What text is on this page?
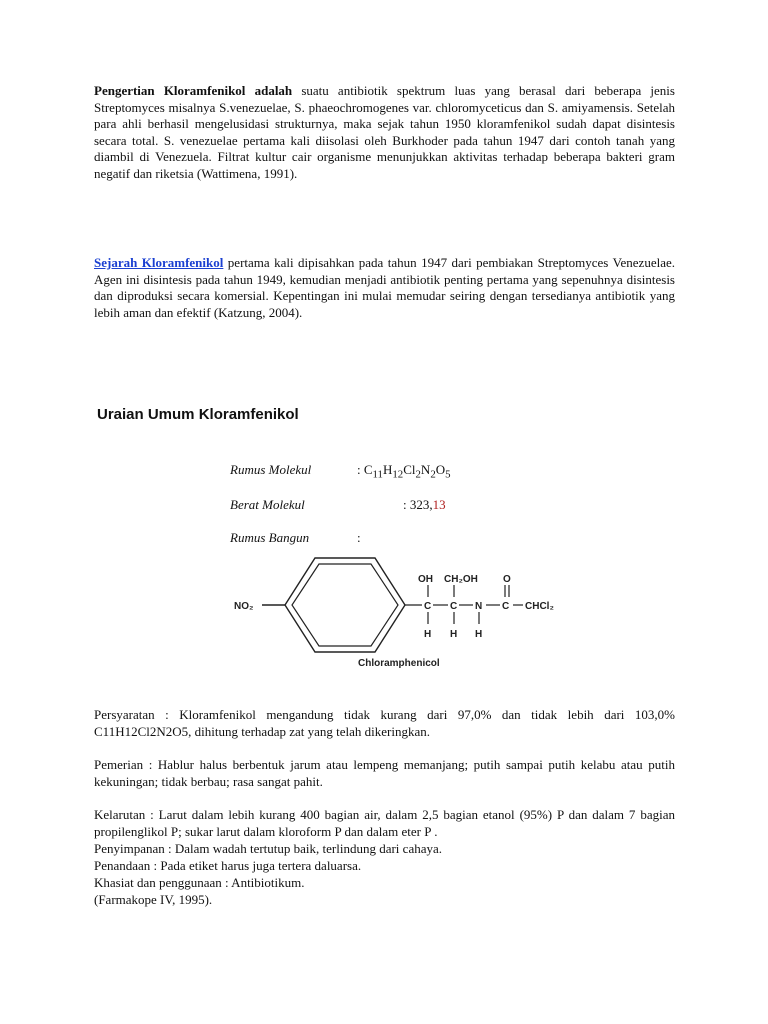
Pengertian Kloramfenikol adalah suatu antibiotik spektrum luas yang berasal dari beberapa jenis Streptomyces misalnya S.venezuelae, S. phaeochromogenes var. chloromyceticus dan S. amiyamensis. Setelah para ahli berhasil mengelusidasi strukturnya, maka sejak tahun 1950 kloramfenikol sudah dapat disintesis secara total. S. venezuelae pertama kali diisolasi oleh Burkhoder pada tahun 1947 dari contoh tanah yang diambil di Venezuela. Filtrat kultur cair organisme menunjukkan aktivitas terhadap beberapa bakteri gram negatif dan riketsia (Wattimena, 1991).

Sejarah Kloramfenikol pertama kali dipisahkan pada tahun 1947 dari pembiakan Streptomyces Venezuelae. Agen ini disintesis pada tahun 1949, kemudian menjadi antibiotik penting pertama yang sepenuhnya disintesis dan diproduksi secara komersial. Kepentingan ini mulai memudar seiring dengan tersedianya antibiotik yang lebih aman dan efektif (Katzung, 2004).

Uraian Umum Kloramfenikol
Rumus Molekul	: $C_{11}H_{12}Cl_2N_2O_5$
Berat Molekul	: 323,13
Rumus Bangun	:
NO₂	C C N C CHCl₂
OH CH₂OH	O
H H H
Chloramphenicol

Persyaratan : Kloramfenikol mengandung tidak kurang dari 97,0% dan tidak lebih dari 103,0% C11H12Cl2N2O5, dihitung terhadap zat yang telah dikeringkan.

Pemerian : Hablur halus berbentuk jarum atau lempeng memanjang; putih sampai putih kelabu atau putih kekuningan; tidak berbau; rasa sangat pahit.

Kelarutan : Larut dalam lebih kurang 400 bagian air, dalam 2,5 bagian etanol (95%) P dan dalam 7 bagian propilenglikol P; sukar larut dalam kloroform P dan dalam eter P .

Penyimpanan : Dalam wadah tertutup baik, terlindung dari cahaya.

Penandaan : Pada etiket harus juga tertera daluarsa.

Khasiat dan penggunaan : Antibiotikum.

(Farmakope IV, 1995).
